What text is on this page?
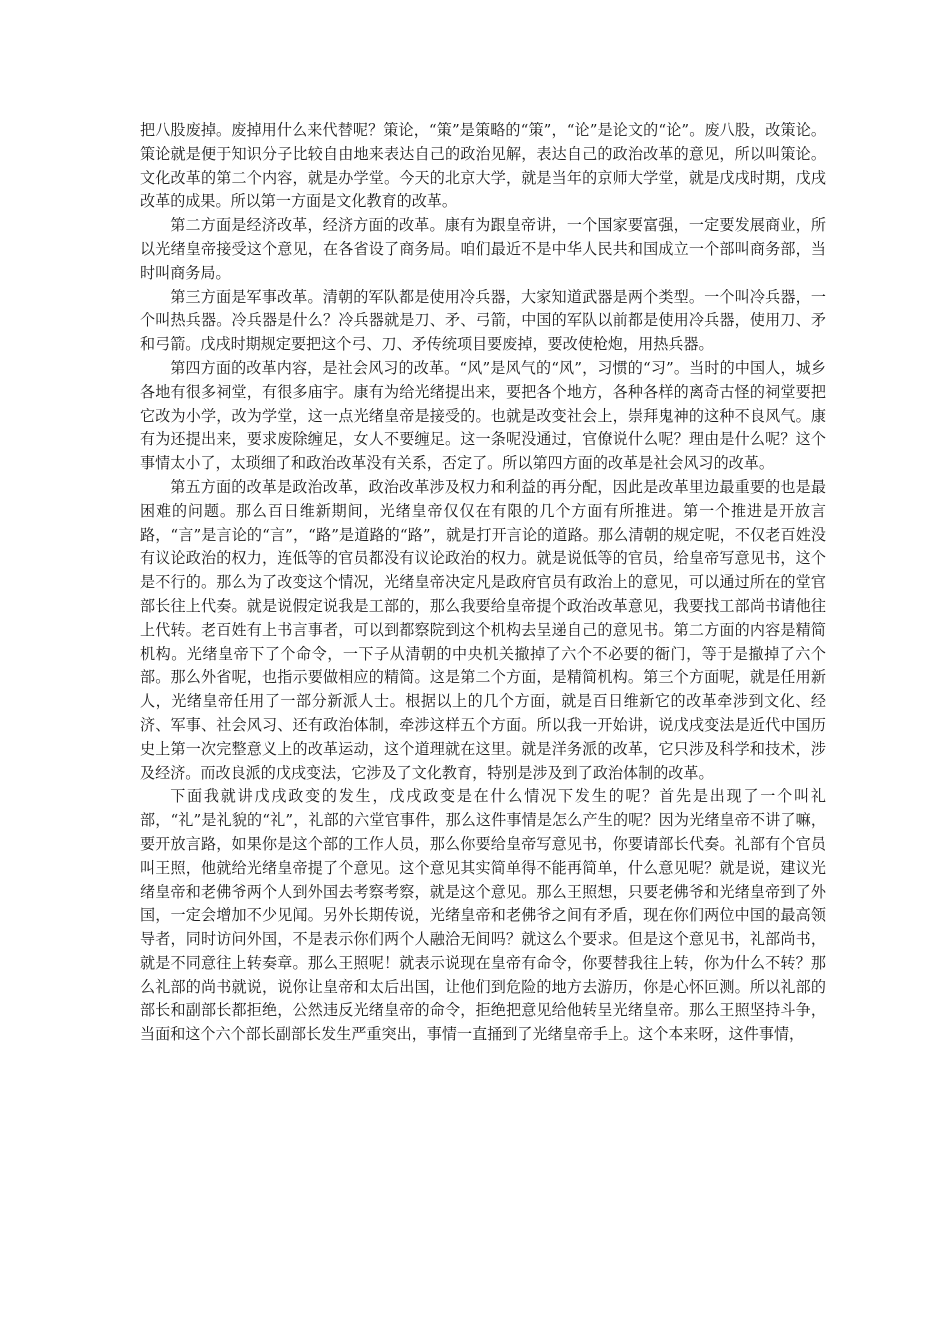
把八股废掉。废掉用什么来代替呢？策论，“策”是策略的“策”，“论”是论文的“论”。废八股，改策论。策论就是便于知识分子比较自由地来表达自己的政治见解，表达自己的政治改革的意见，所以叫策论。文化改革的第二个内容，就是办学堂。今天的北京大学，就是当年的京师大学堂，就是戊戌时期，戊戌改革的成果。所以第一方面是文化教育的改革。

第二方面是经济改革，经济方面的改革。康有为跟皇帝讲，一个国家要富强，一定要发展商业，所以光绪皇帝接受这个意见，在各省设了商务局。咱们最近不是中华人民共和国成立一个部叫商务部，当时叫商务局。

第三方面是军事改革。清朝的军队都是使用冷兵器，大家知道武器是两个类型。一个叫冷兵器，一个叫热兵器。冷兵器是什么？冷兵器就是刀、矛、弓箭，中国的军队以前都是使用冷兵器，使用刀、矛和弓箭。戊戌时期规定要把这个弓、刀、矛传统项目要废掉，要改使枪炮，用热兵器。

第四方面的改革内容，是社会风习的改革。“风”是风气的“风”，习惯的“习”。当时的中国人，城乡各地有很多祠堂，有很多庙宇。康有为给光绪提出来，要把各个地方，各种各样的离奇古怪的祠堂要把它改为小学，改为学堂，这一点光绪皇帝是接受的。也就是改变社会上，崇拜鬼神的这种不良风气。康有为还提出来，要求废除缠足，女人不要缠足。这一条呢没通过，官僚说什么呢？理由是什么呢？这个事情太小了，太琐细了和政治改革没有关系，否定了。所以第四方面的改革是社会风习的改革。

第五方面的改革是政治改革，政治改革涉及权力和利益的再分配，因此是改革里边最重要的也是最困难的问题。那么百日维新期间，光绪皇帝仅仅在有限的几个方面有所推进。第一个推进是开放言路，“言”是言论的“言”，“路”是道路的“路”，就是打开言论的道路。那么清朝的规定呢，不仅老百姓没有议论政治的权力，连低等的官员都没有议论政治的权力。就是说低等的官员，给皇帝写意见书，这个是不行的。那么为了改变这个情况，光绪皇帝决定凡是政府官员有政治上的意见，可以通过所在的堂官部长往上代奏。就是说假定说我是工部的，那么我要给皇帝提个政治改革意见，我要找工部尚书请他往上代转。老百姓有上书言事者，可以到都察院到这个机构去呈递自己的意见书。第二方面的内容是精简机构。光绪皇帝下了个命令，一下子从清朝的中央机关撤掉了六个不必要的衙门，等于是撤掉了六个部。那么外省呢，也指示要做相应的精简。这是第二个方面，是精简机构。第三个方面呢，就是任用新人，光绪皇帝任用了一部分新派人士。根据以上的几个方面，就是百日维新它的改革牵涉到文化、经济、军事、社会风习、还有政治体制，牵涉这样五个方面。所以我一开始讲，说戊戌变法是近代中国历史上第一次完整意义上的改革运动，这个道理就在这里。就是洋务派的改革，它只涉及科学和技术，涉及经济。而改良派的戊戌变法，它涉及了文化教育，特别是涉及到了政治体制的改革。

下面我就讲戊戌政变的发生，戊戌政变是在什么情况下发生的呢？首先是出现了一个叫礼部，“礼”是礼貌的“礼”，礼部的六堂官事件，那么这件事情是怎么产生的呢？因为光绪皇帝不讲了嘛，要开放言路，如果你是这个部的工作人员，那么你要给皇帝写意见书，你要请部长代奏。礼部有个官员叫王照，他就给光绪皇帝提了个意见。这个意见其实简单得不能再简单，什么意见呢？就是说，建议光绪皇帝和老佛爷两个人到外国去考察考察，就是这个意见。那么王照想，只要老佛爷和光绪皇帝到了外国，一定会增加不少见闻。另外长期传说，光绪皇帝和老佛爷之间有矛盾，现在你们两位中国的最高领导者，同时访问外国，不是表示你们两个人融洽无间吗？就这么个要求。但是这个意见书，礼部尚书，就是不同意往上转奏章。那么王照呢！就表示说现在皇帝有命令，你要替我往上转，你为什么不转？那么礼部的尚书就说，说你让皇帝和太后出国，让他们到危险的地方去游历，你是心怀叵测。所以礼部的部长和副部长都拒绝，公然违反光绪皇帝的命令，拒绝把意见给他转呈光绪皇帝。那么王照坚持斗争，当面和这个六个部长副部长发生严重突出，事情一直捅到了光绪皇帝手上。这个本来呀，这件事情，
